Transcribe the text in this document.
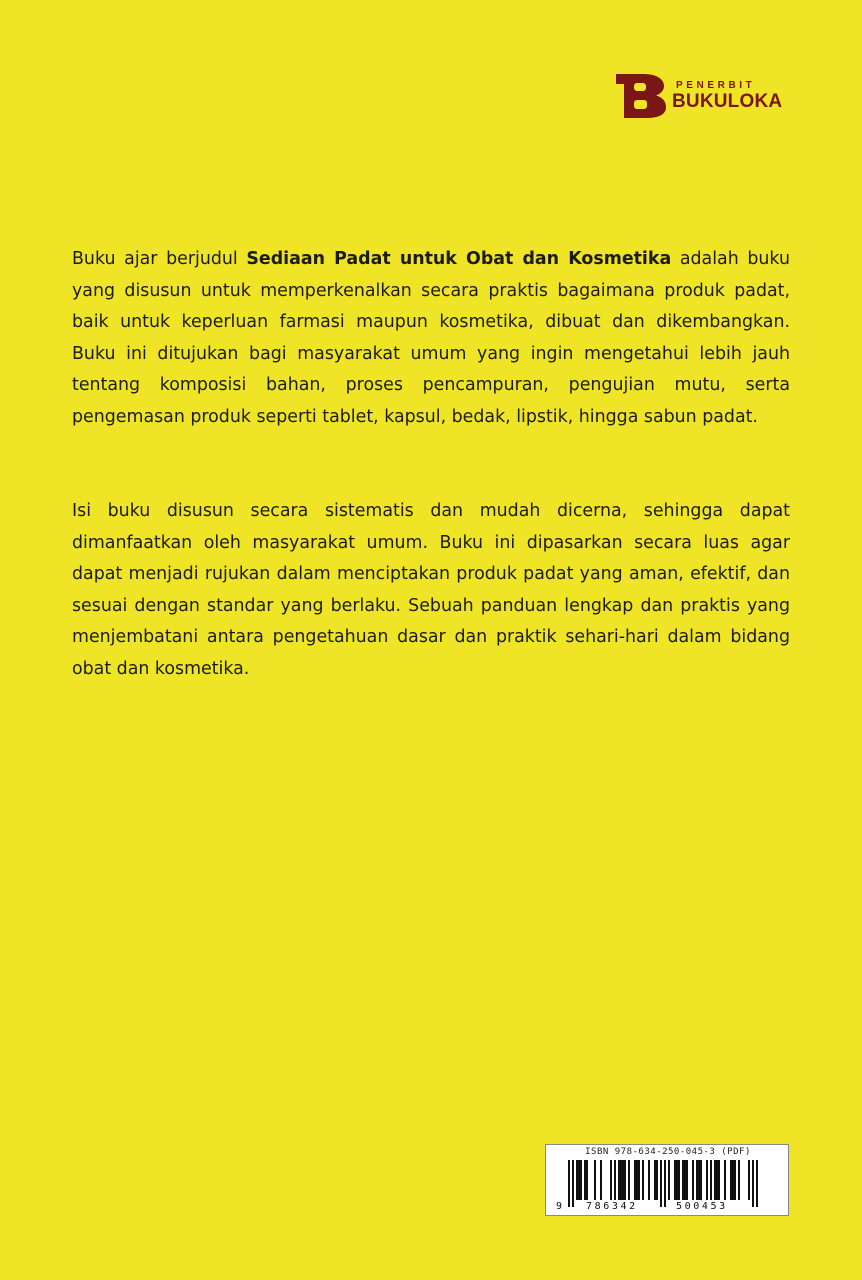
PENERBIT
BUKULOKA

Buku ajar berjudul Sediaan Padat untuk Obat dan Kosmetika adalah buku yang disusun untuk memperkenalkan secara praktis bagaimana produk padat, baik untuk keperluan farmasi maupun kosmetika, dibuat dan dikembangkan. Buku ini ditujukan bagi masyarakat umum yang ingin mengetahui lebih jauh tentang komposisi bahan, proses pencampuran, pengujian mutu, serta pengemasan produk seperti tablet, kapsul, bedak, lipstik, hingga sabun padat.

Isi buku disusun secara sistematis dan mudah dicerna, sehingga dapat dimanfaatkan oleh masyarakat umum. Buku ini dipasarkan secara luas agar dapat menjadi rujukan dalam menciptakan produk padat yang aman, efektif, dan sesuai dengan standar yang berlaku. Sebuah panduan lengkap dan praktis yang menjembatani antara pengetahuan dasar dan praktik sehari-hari dalam bidang obat dan kosmetika.

ISBN 978-634-250-045-3 (PDF)
9 786342	500453
